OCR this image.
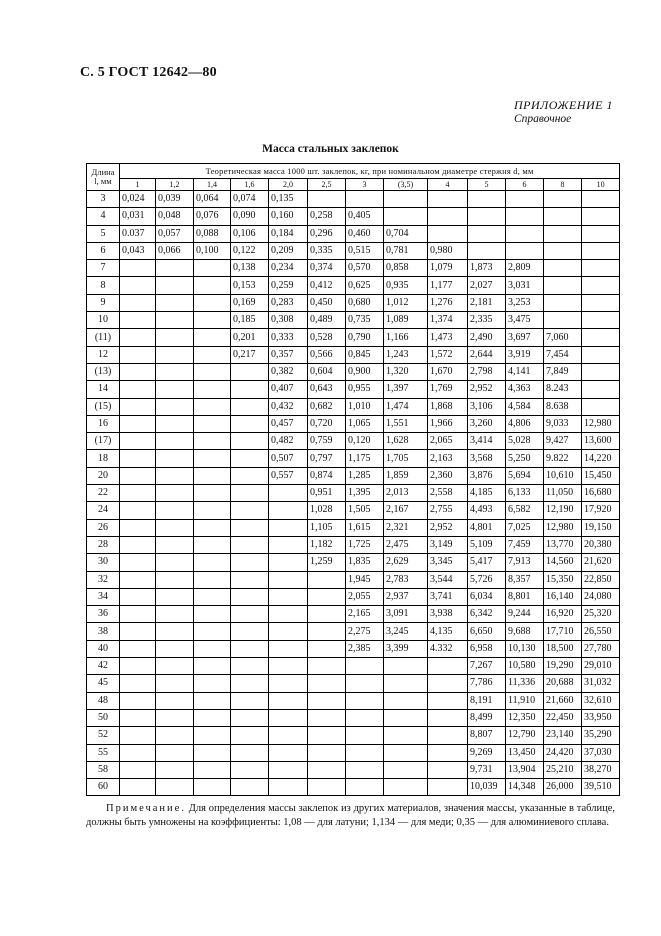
С. 5 ГОСТ 12642—80
ПРИЛОЖЕНИЕ 1
Справочное
Масса стальных заклепок
Длина
l, мм	Теоретическая масса 1000 шт. заклепок, кг, при номинальном диаметре стержня d, мм												
	1	1,2	1,4	1,6	2,0	2,5	3	(3,5)	4	5	6	8	10
3	0,024	0,039	0,064	0,074	0,135								
4	0,031	0,048	0,076	0,090	0,160	0,258	0,405						
5	0.037	0,057	0,088	0,106	0,184	0,296	0,460	0,704					
6	0,043	0,066	0,100	0,122	0,209	0,335	0,515	0,781	0,980				
7				0,138	0,234	0,374	0,570	0,858	1,079	1,873	2,809		
8				0,153	0,259	0,412	0,625	0,935	1,177	2,027	3,031		
9				0,169	0,283	0,450	0,680	1,012	1,276	2,181	3,253		
10				0,185	0,308	0,489	0,735	1,089	1,374	2,335	3,475		
(11)				0,201	0,333	0,528	0,790	1,166	1,473	2,490	3,697	7,060	
12				0,217	0,357	0,566	0,845	1,243	1,572	2,644	3,919	7,454	
(13)					0,382	0,604	0,900	1,320	1,670	2,798	4,141	7,849	
14					0,407	0,643	0,955	1,397	1,769	2,952	4,363	8.243	
(15)					0,432	0,682	1,010	1,474	1,868	3,106	4,584	8.638	
16					0,457	0,720	1,065	1,551	1,966	3,260	4,806	9,033	12,980
(17)					0,482	0,759	0,120	1,628	2,065	3,414	5,028	9,427	13,600
18					0,507	0,797	1,175	1,705	2,163	3,568	5,250	9.822	14,220
20					0,557	0,874	1,285	1,859	2,360	3,876	5,694	10,610	15,450
22						0,951	1,395	2,013	2,558	4,185	6,133	11,050	16,680
24						1,028	1,505	2,167	2,755	4,493	6,582	12,190	17,920
26						1,105	1,615	2,321	2,952	4,801	7,025	12,980	19,150
28						1,182	1,725	2,475	3,149	5,109	7,459	13,770	20,380
30						1,259	1,835	2,629	3,345	5,417	7,913	14,560	21,620
32							1,945	2,783	3,544	5,726	8,357	15,350	22,850
34							2,055	2,937	3,741	6,034	8,801	16,140	24,080
36							2,165	3,091	3,938	6,342	9,244	16,920	25,320
38							2,275	3,245	4,135	6,650	9,688	17,710	26,550
40							2,385	3,399	4.332	6,958	10,130	18,500	27,780
42										7,267	10,580	19,290	29,010
45										7,786	11,336	20,688	31,032
48										8,191	11,910	21,660	32,610
50										8,499	12,350	22,450	33,950
52										8,807	12,790	23,140	35,290
55										9,269	13,450	24,420	37,030
58										9,731	13,904	25,210	38,270
60										10,039	14,348	26,000	39,510
Примечание. Для определения массы заклепок из других материалов, значения массы, указанные в таблице, должны быть умножены на коэффициенты: 1,08 — для латуни; 1,134 — для меди; 0,35 — для алюминиевого сплава.
